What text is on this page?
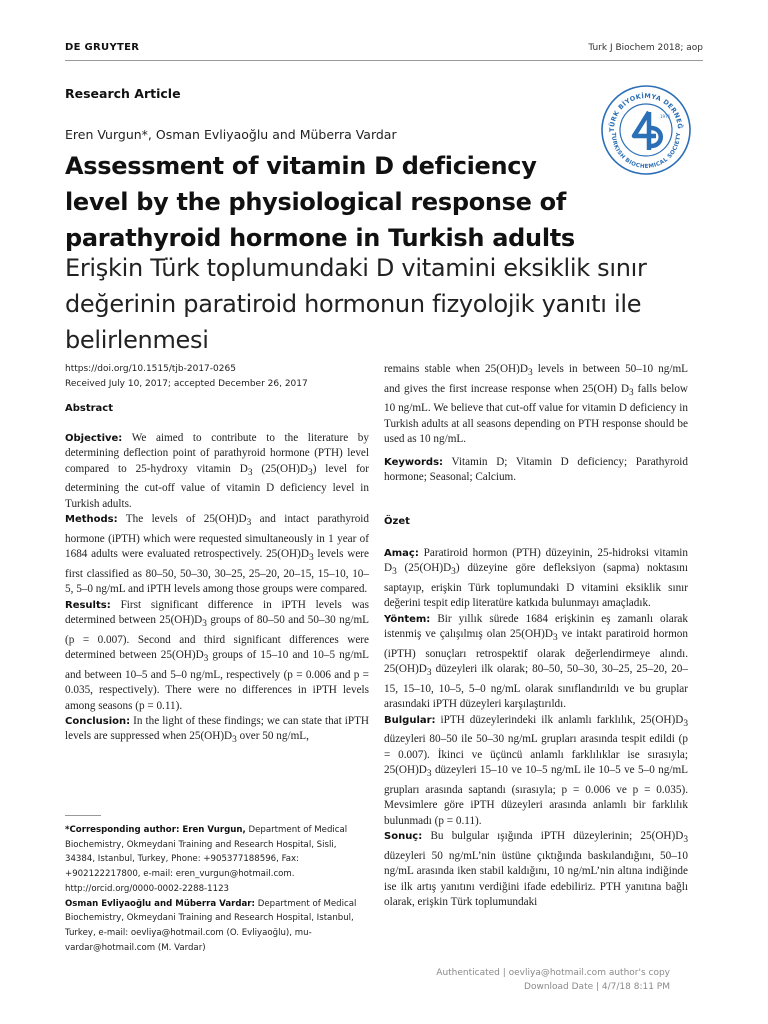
DE GRUYTER	Turk J Biochem 2018; aop
Research Article
Eren Vurgun*, Osman Evliyaoğlu and Müberra Vardar
Assessment of vitamin D deficiency level by the physiological response of parathyroid hormone in Turkish adults
Erişkin Türk toplumundaki D vitamini eksiklik sınır değerinin paratiroid hormonun fizyolojik yanıtı ile belirlenmesi
TÜRK BİYOKİMYA DERNEĞ
TURKISH BIOCHEMICAL SOCIETY
1976
https://doi.org/10.1515/tjb-2017-0265
Received July 10, 2017; accepted December 26, 2017
Abstract

Objective: We aimed to contribute to the literature by determining deflection point of parathyroid hormone (PTH) level compared to 25-hydroxy vitamin $D_3$ $(25(OH)D_3)$ level for determining the cut-off value of vitamin D deficiency level in Turkish adults.

Methods: The levels of $25(OH)D_3$ and intact parathyroid hormone (iPTH) which were requested simultaneously in 1 year of 1684 adults were evaluated retrospectively. $25(OH)D_3$ levels were first classified as 80–50, 50–30, 30–25, 25–20, 20–15, 15–10, 10–5, 5–0 ng/mL and iPTH levels among those groups were compared.

Results: First significant difference in iPTH levels was determined between $25(OH)D_3$ groups of 80–50 and 50–30 ng/mL (p = 0.007). Second and third significant differences were determined between $25(OH)D_3$ groups of 15–10 and 10–5 ng/mL and between 10–5 and 5–0 ng/mL, respectively (p = 0.006 and p = 0.035, respectively). There were no differences in iPTH levels among seasons (p = 0.11).

Conclusion: In the light of these findings; we can state that iPTH levels are suppressed when $25(OH)D_3$ over 50 ng/mL,

remains stable when $25(OH)D_3$ levels in between 50–10 ng/mL and gives the first increase response when 25(OH) $D_3$ falls below 10 ng/mL. We believe that cut-off value for vitamin D deficiency in Turkish adults at all seasons depending on PTH response should be used as 10 ng/mL.

Keywords: Vitamin D; Vitamin D deficiency; Parathyroid hormone; Seasonal; Calcium.

Özet

Amaç: Paratiroid hormon (PTH) düzeyinin, 25-hidroksi vitamin $D_3$ $(25(OH)D_3)$ düzeyine göre defleksiyon (sapma) noktasını saptayıp, erişkin Türk toplumundaki D vitamini eksiklik sınır değerini tespit edip literatüre katkıda bulunmayı amaçladık.

Yöntem: Bir yıllık sürede 1684 erişkinin eş zamanlı olarak istenmiş ve çalışılmış olan $25(OH)D_3$ ve intakt paratiroid hormon (iPTH) sonuçları retrospektif olarak değerlendirmeye alındı. $25(OH)D_3$ düzeyleri ilk olarak; 80–50, 50–30, 30–25, 25–20, 20–15, 15–10, 10–5, 5–0 ng/mL olarak sınıflandırıldı ve bu gruplar arasındaki iPTH düzeyleri karşılaştırıldı.

Bulgular: iPTH düzeylerindeki ilk anlamlı farklılık, $25(OH)D_3$ düzeyleri 80–50 ile 50–30 ng/mL grupları arasında tespit edildi (p = 0.007). İkinci ve üçüncü anlamlı farklılıklar ise sırasıyla; $25(OH)D_3$ düzeyleri 15–10 ve 10–5 ng/mL ile 10–5 ve 5–0 ng/mL grupları arasında saptandı (sırasıyla; p = 0.006 ve p = 0.035). Mevsimlere göre iPTH düzeyleri arasında anlamlı bir farklılık bulunmadı (p = 0.11).

Sonuç: Bu bulgular ışığında iPTH düzeylerinin; $25(OH)D_3$ düzeyleri 50 ng/mL’nin üstüne çıktığında baskılandığını, 50–10 ng/mL arasında iken stabil kaldığını, 10 ng/mL’nin altına indiğinde ise ilk artış yanıtını verdiğini ifade edebiliriz. PTH yanıtına bağlı olarak, erişkin Türk toplumundaki

*Corresponding author: Eren Vurgun, Department of Medical Biochemistry, Okmeydani Training and Research Hospital, Sisli, 34384, Istanbul, Turkey, Phone: +905377188596, Fax: +902122217800, e-mail: eren_vurgun@hotmail.com. http://orcid.org/0000-0002-2288-1123

Osman Evliyaoğlu and Müberra Vardar: Department of Medical Biochemistry, Okmeydani Training and Research Hospital, Istanbul, Turkey, e-mail: oevliya@hotmail.com (O. Evliyaoğlu), mu-vardar@hotmail.com (M. Vardar)

Authenticated | oevliya@hotmail.com author's copy
Download Date | 4/7/18 8:11 PM
